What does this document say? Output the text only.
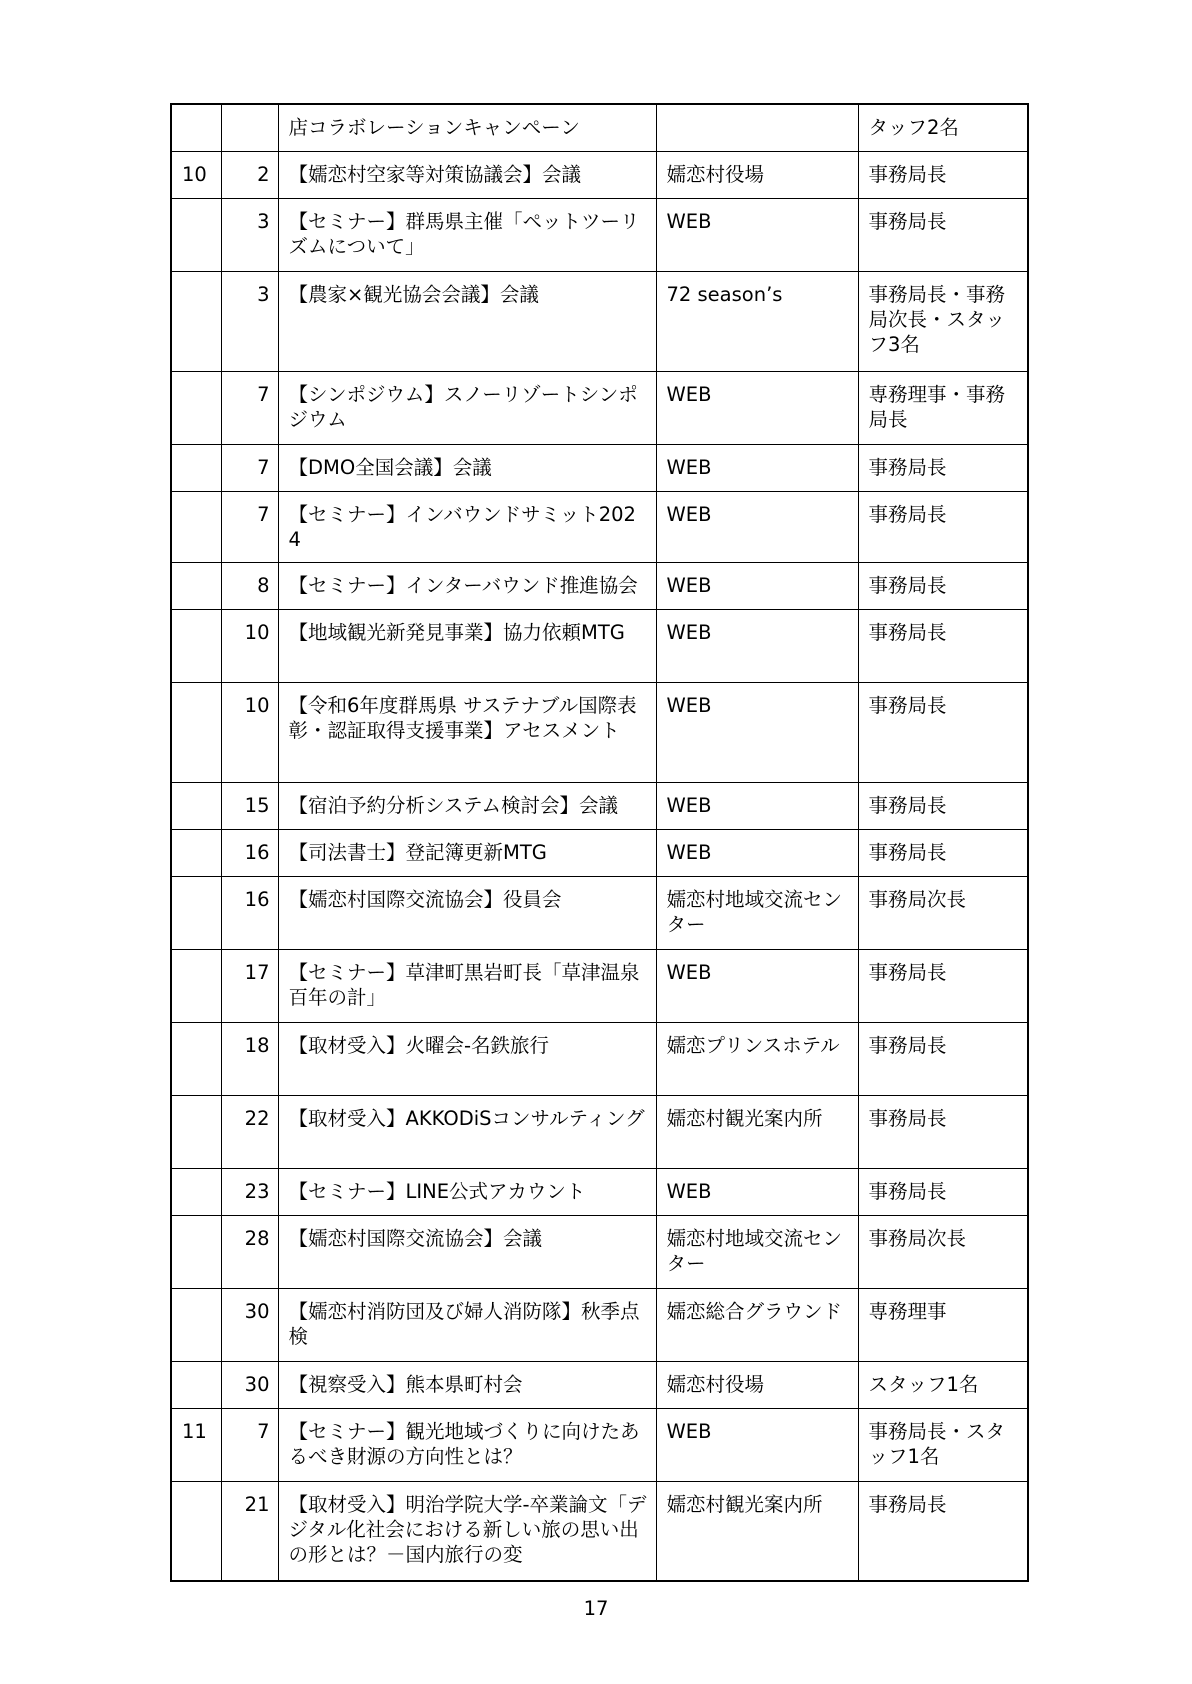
		店コラボレーションキャンペーン		タッフ2名
10	2	【嬬恋村空家等対策協議会】会議	嬬恋村役場	事務局長
	3	【セミナー】群馬県主催「ペットツーリズムについて」	WEB	事務局長
	3	【農家×観光協会会議】会議	72 season’s	事務局長・事務局次長・スタッフ3名
	7	【シンポジウム】スノーリゾートシンポジウム	WEB	専務理事・事務局長
	7	【DMO全国会議】会議	WEB	事務局長
	7	【セミナー】インバウンドサミット2024	WEB	事務局長
	8	【セミナー】インターバウンド推進協会	WEB	事務局長
	10	【地域観光新発見事業】協力依頼MTG	WEB	事務局長
	10	【令和6年度群馬県 サステナブル国際表彰・認証取得支援事業】アセスメント	WEB	事務局長
	15	【宿泊予約分析システム検討会】会議	WEB	事務局長
	16	【司法書士】登記簿更新MTG	WEB	事務局長
	16	【嬬恋村国際交流協会】役員会	嬬恋村地域交流センター	事務局次長
	17	【セミナー】草津町黒岩町長「草津温泉百年の計」	WEB	事務局長
	18	【取材受入】火曜会-名鉄旅行	嬬恋プリンスホテル	事務局長
	22	【取材受入】AKKODiSコンサルティング	嬬恋村観光案内所	事務局長
	23	【セミナー】LINE公式アカウント	WEB	事務局長
	28	【嬬恋村国際交流協会】会議	嬬恋村地域交流センター	事務局次長
	30	【嬬恋村消防団及び婦人消防隊】秋季点検	嬬恋総合グラウンド	専務理事
	30	【視察受入】熊本県町村会	嬬恋村役場	スタッフ1名
11	7	【セミナー】観光地域づくりに向けたあるべき財源の方向性とは？	WEB	事務局長・スタッフ1名
	21	【取材受入】明治学院大学-卒業論文「デジタル化社会における新しい旅の思い出の形とは？－国内旅行の変	嬬恋村観光案内所	事務局長
17
